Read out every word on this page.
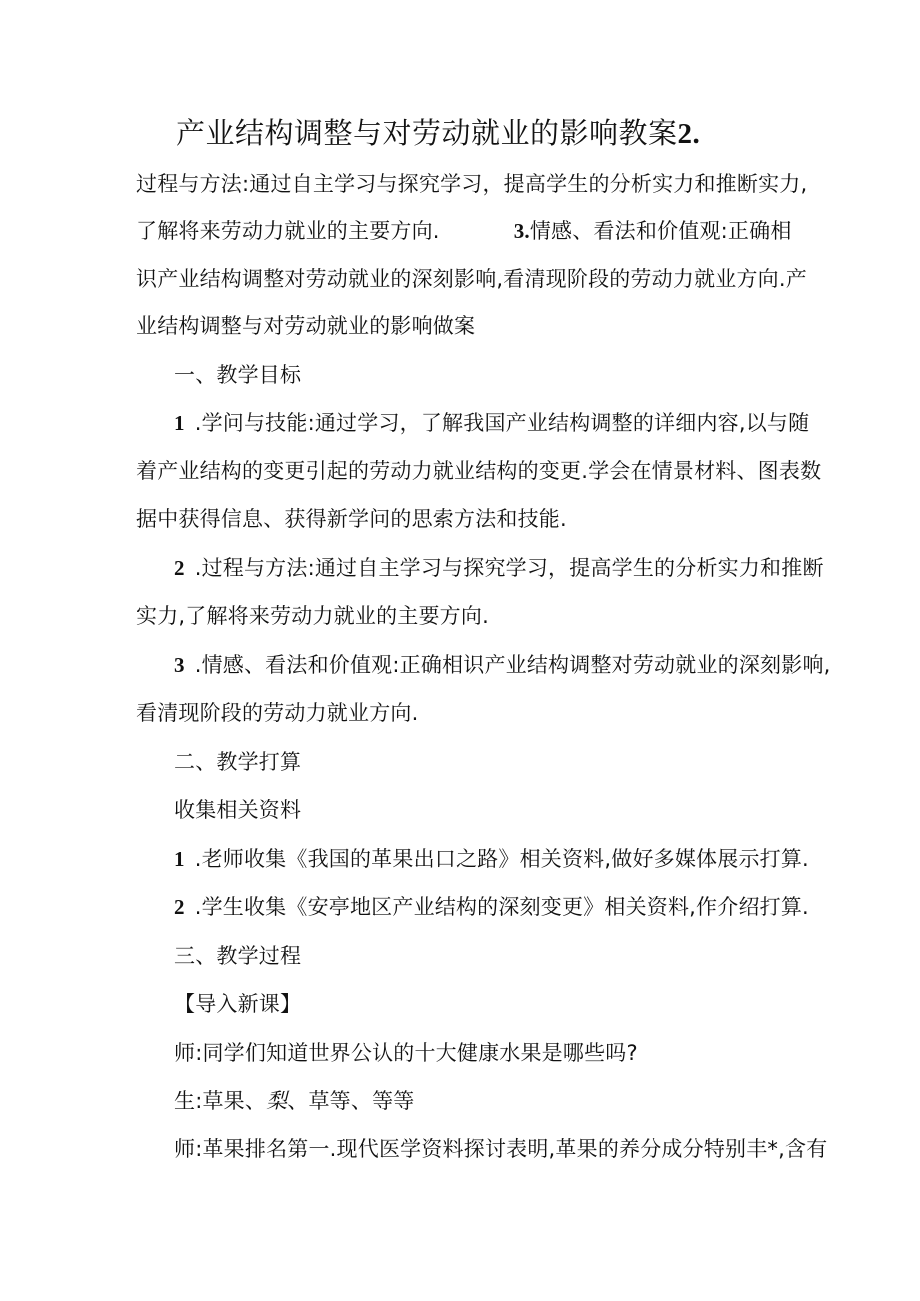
产业结构调整与对劳动就业的影响教案2.
过程与方法:通过自主学习与探究学习，提高学生的分析实力和推断实力,
了解将来劳动力就业的主要方向.	3.情感、看法和价值观:正确相
识产业结构调整对劳动就业的深刻影响,看清现阶段的劳动力就业方向.产
业结构调整与对劳动就业的影响做案
一、教学目标
1 .学问与技能:通过学习，了解我国产业结构调整的详细内容,以与随
着产业结构的变更引起的劳动力就业结构的变更.学会在情景材料、图表数
据中获得信息、获得新学问的思索方法和技能.
2 .过程与方法:通过自主学习与探究学习，提高学生的分析实力和推断
实力,了解将来劳动力就业的主要方向.
3 .情感、看法和价值观:正确相识产业结构调整对劳动就业的深刻影响,
看清现阶段的劳动力就业方向.
二、教学打算
收集相关资料
1 .老师收集《我国的革果出口之路》相关资料,做好多媒体展示打算.
2 .学生收集《安亭地区产业结构的深刻变更》相关资料,作介绍打算.
三、教学过程
【导入新课】
师:同学们知道世界公认的十大健康水果是哪些吗?
生:草果、梨、草等、等等
师:革果排名第一.现代医学资料探讨表明,革果的养分成分特别丰*,含有
